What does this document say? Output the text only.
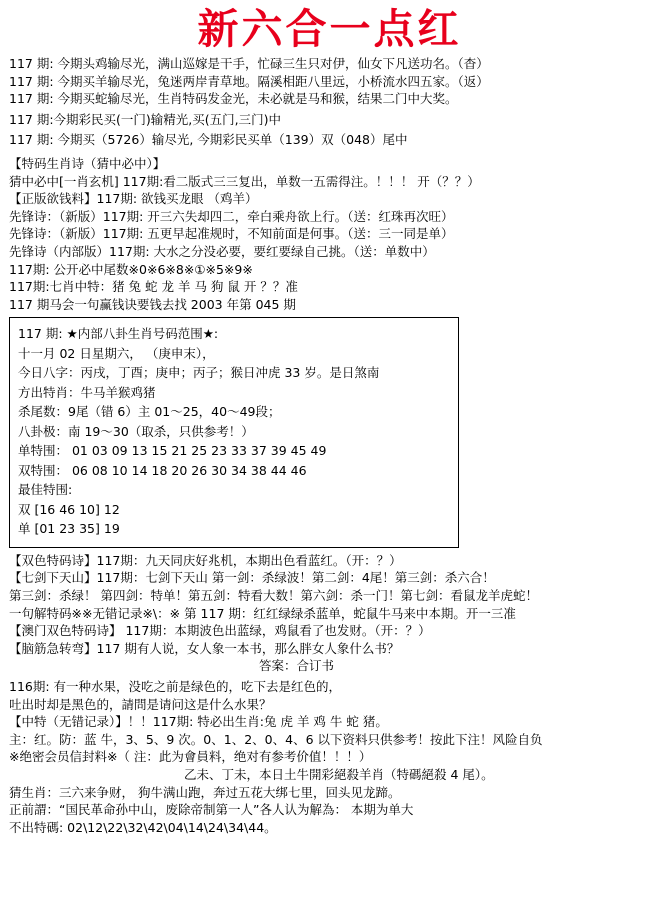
新六合一点红
117 期: 今期头鸡输尽光，满山巡嫁是干手，忙碌三生只对伊，仙女下凡送功名。（杳）
117 期: 今期买羊输尽光，兔迷两岸青草地。隔溪相距八里远，小桥流水四五家。（返）
117 期: 今期买蛇输尽光，生肖特码发金光，未必就是马和猴，结果二门中大奖。
117 期:今期彩民买(一门)输精光,买(五门,三门)中
117 期: 今期买（5726）输尽光, 今期彩民买单（139）双（048）尾中
【特码生肖诗（猜中必中）】
猜中必中[一肖玄机] 117期:看二版式三三复出，单数一五需得注。！！！ 开（？？）
【正版欲钱料】117期: 欲钱买龙眼 （鸡羊）
先锋诗：（新版）117期: 开三六失却四二，牵白乘舟欲上行。（送：红珠再次旺）
先锋诗：（新版）117期: 五更早起准规时，不知前面是何事。（送：三一同是单）
先锋诗（内部版）117期: 大水之分没必要，要红要绿自己挑。（送：单数中）
117期: 公开必中尾数※0※6※8※①※5※9※
117期:七肖中特：猪 兔 蛇 龙 羊 马 狗 鼠 开 ？？准
117 期马会一句赢钱诀要钱去找 2003 年第 045 期
117 期: ★内部八卦生肖号码范围★:
十一月 02 日星期六， （庚申末），
今日八字：丙戌，丁酉；庚申；丙子；猴日冲虎 33 岁。是日煞南
方出特肖：牛马羊猴鸡猪
杀尾数：9尾（错 6）主 01～25，40～49段；
八卦极：南 19～30（取杀，只供参考！）
单特围： 01 03 09 13 15 21 25 23 33 37 39 45 49
双特围： 06 08 10 14 18 20 26 30 34 38 44 46
最佳特围:
双 [16 46 10] 12
单 [01 23 35] 19
【双色特码诗】117期：九天同庆好兆机，本期出色看蓝红。（开：？）
【七剑下天山】117期：七剑下天山 第一剑：杀绿波！第二剑：4尾！第三剑：杀六合！
第三剑：杀绿！ 第四剑：特单！第五剑：特看大数！第六剑：杀一门！第七剑：看鼠龙羊虎蛇！
一句解特码※※无错记录※\：※ 第 117 期：红红绿绿杀蓝单，蛇鼠牛马来中本期。开一三准
【澳门双色特码诗】 117期：本期波色出蓝绿，鸡鼠看了也发财。（开：？）
【脑筋急转弯】117 期有人说，女人象一本书，那么胖女人象什么书？
答案：合订书
116期: 有一种水果，没吃之前是绿色的，吃下去是红色的，
吐出时却是黑色的，請問是请问这是什么水果？
【中特（无错记录）】！！117期: 特必出生肖:兔 虎 羊 鸡 牛 蛇 猪。
主：红。防：蓝 牛，3、5、9 次。0、1、2、0、4、6 以下资料只供参考！按此下注！风险自负
※绝密会员信封料※（ 注：此为會員料，绝对有参考价值！！！）
乙未、丁未，本日土牛開彩絕殺羊肖（特碼絕殺 4 尾）。
猜生肖：三六来争财， 狗牛满山跑，奔过五花大绑七里，回头见龙蹄。
正前謂：“国民革命孙中山，废除帝制第一人”各人认为解為： 本期为单大
不出特碼: 02\12\22\32\42\04\14\24\34\44。
